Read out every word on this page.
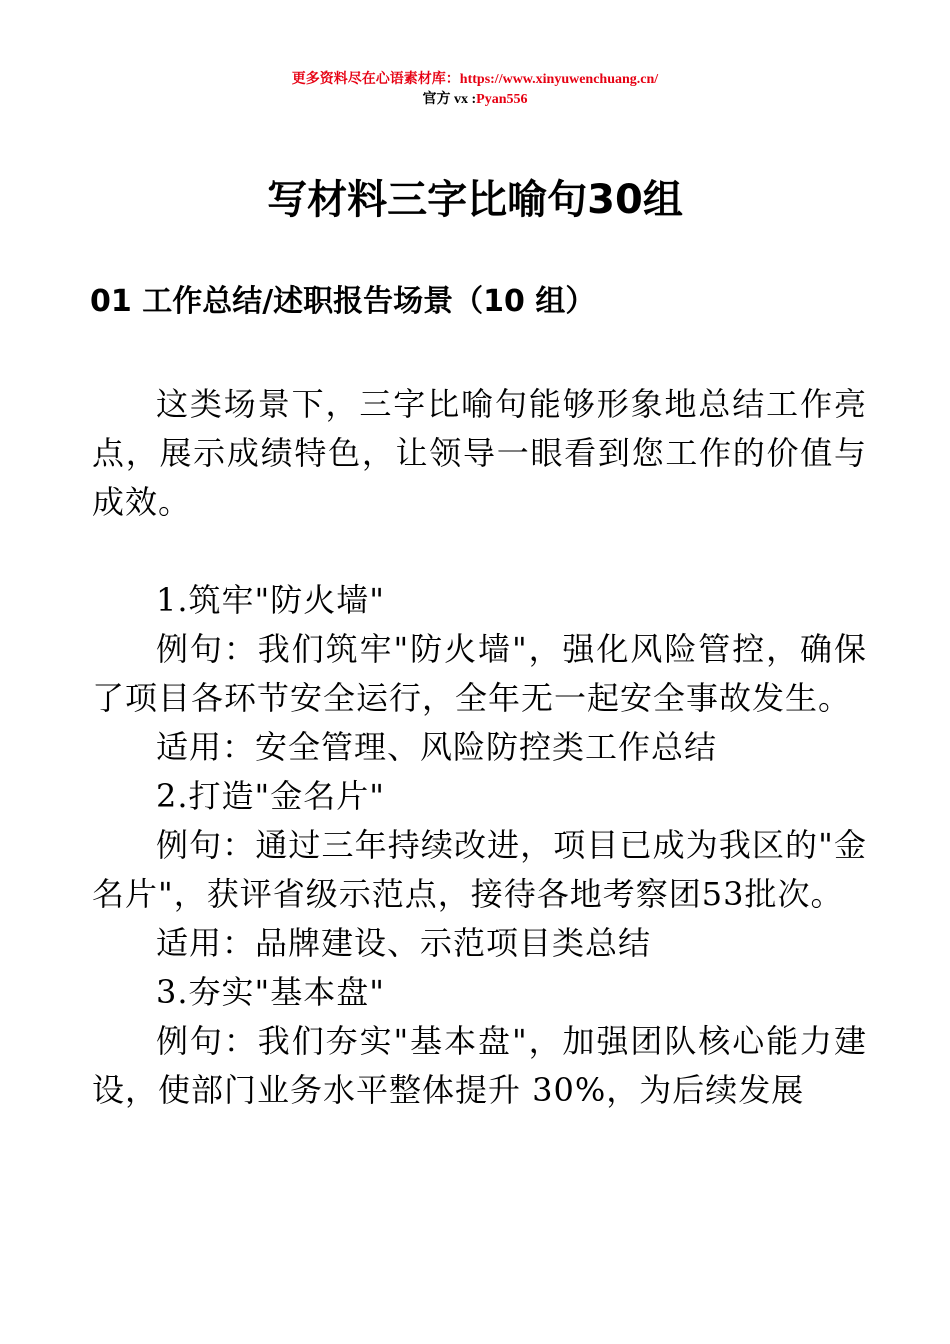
更多资料尽在心语素材库：https://www.xinyuwenchuang.cn/
官方 vx :Pyan556
写材料三字比喻句30组
01 工作总结/述职报告场景（10 组）

这类场景下，三字比喻句能够形象地总结工作亮点，展示成绩特色，让领导一眼看到您工作的价值与成效。

1.筑牢"防火墙"

例句：我们筑牢"防火墙"，强化风险管控，确保了项目各环节安全运行，全年无一起安全事故发生。

适用：安全管理、风险防控类工作总结

2.打造"金名片"

例句：通过三年持续改进，项目已成为我区的"金名片"，获评省级示范点，接待各地考察团53批次。

适用：品牌建设、示范项目类总结

3.夯实"基本盘"

例句：我们夯实"基本盘"，加强团队核心能力建设，使部门业务水平整体提升 30%，为后续发展
